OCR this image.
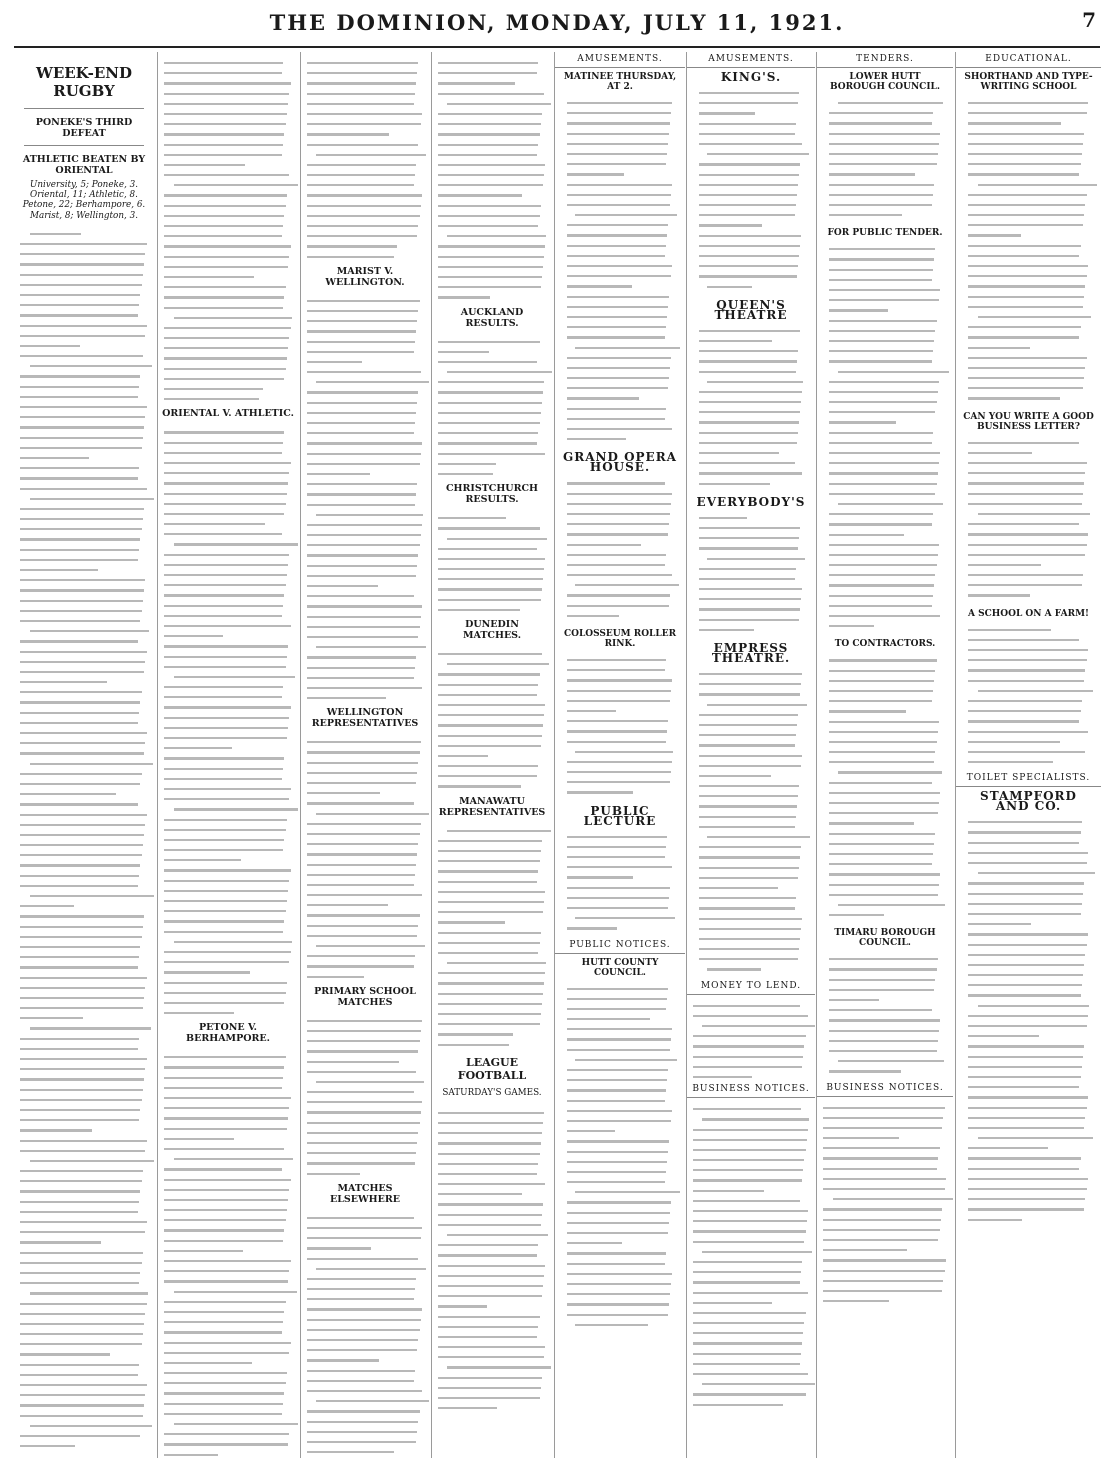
THE DOMINION, MONDAY, JULY 11, 1921.	7
WEEK-END RUGBY
PONEKE'S THIRD DEFEAT
ATHLETIC BEATEN BY ORIENTAL
University, 5; Poneke, 3. Oriental, 11; Athletic, 8. Petone, 22; Berhampore, 6. Marist, 8; Wellington, 3.
ORIENTAL V. ATHLETIC.
PETONE V. BERHAMPORE.
MARIST V. WELLINGTON.
WELLINGTON REPRESENTATIVES
PRIMARY SCHOOL MATCHES
MATCHES ELSEWHERE
AUCKLAND RESULTS.
CHRISTCHURCH RESULTS.
DUNEDIN MATCHES.
MANAWATU REPRESENTATIVES
LEAGUE FOOTBALL
SATURDAY'S GAMES.
AMUSEMENTS.
MATINEE THURSDAY, AT 2.
GRAND OPERA HOUSE.
COLOSSEUM ROLLER RINK.
PUBLIC LECTURE
PUBLIC NOTICES.
HUTT COUNTY COUNCIL.
AMUSEMENTS.
KING'S.
QUEEN'S THEATRE
EVERYBODY'S
EMPRESS THEATRE.
MONEY TO LEND.
BUSINESS NOTICES.
TENDERS.
LOWER HUTT BOROUGH COUNCIL.
FOR PUBLIC TENDER.
TO CONTRACTORS.
TIMARU BOROUGH COUNCIL.
BUSINESS NOTICES.
EDUCATIONAL.
SHORTHAND AND TYPE-WRITING SCHOOL
CAN YOU WRITE A GOOD BUSINESS LETTER?
A SCHOOL ON A FARM!
TOILET SPECIALISTS.
STAMPFORD AND CO.
